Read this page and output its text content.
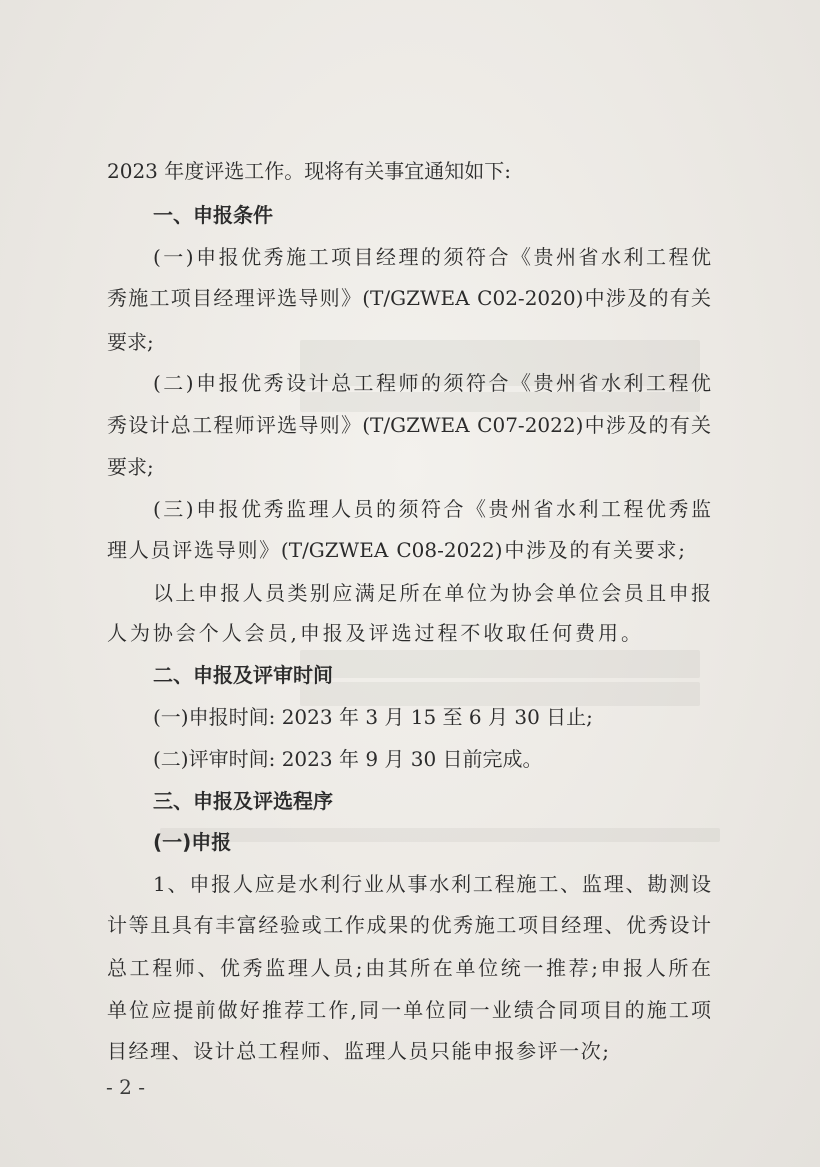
2023 年度评选工作。现将有关事宜通知如下:
一、申报条件
(一)申报优秀施工项目经理的须符合《贵州省水利工程优
秀施工项目经理评选导则》(T/GZWEA C02-2020)中涉及的有关
要求;
(二)申报优秀设计总工程师的须符合《贵州省水利工程优
秀设计总工程师评选导则》(T/GZWEA C07-2022)中涉及的有关
要求;
(三)申报优秀监理人员的须符合《贵州省水利工程优秀监
理人员评选导则》(T/GZWEA C08-2022)中涉及的有关要求;
以上申报人员类别应满足所在单位为协会单位会员且申报
人为协会个人会员,申报及评选过程不收取任何费用。
二、申报及评审时间
(一)申报时间: 2023 年 3 月 15 至 6 月 30 日止;
(二)评审时间: 2023 年 9 月 30 日前完成。
三、申报及评选程序
(一)申报
1、申报人应是水利行业从事水利工程施工、监理、勘测设
计等且具有丰富经验或工作成果的优秀施工项目经理、优秀设计
总工程师、优秀监理人员;由其所在单位统一推荐;申报人所在
单位应提前做好推荐工作,同一单位同一业绩合同项目的施工项
目经理、设计总工程师、监理人员只能申报参评一次;
- 2 -
